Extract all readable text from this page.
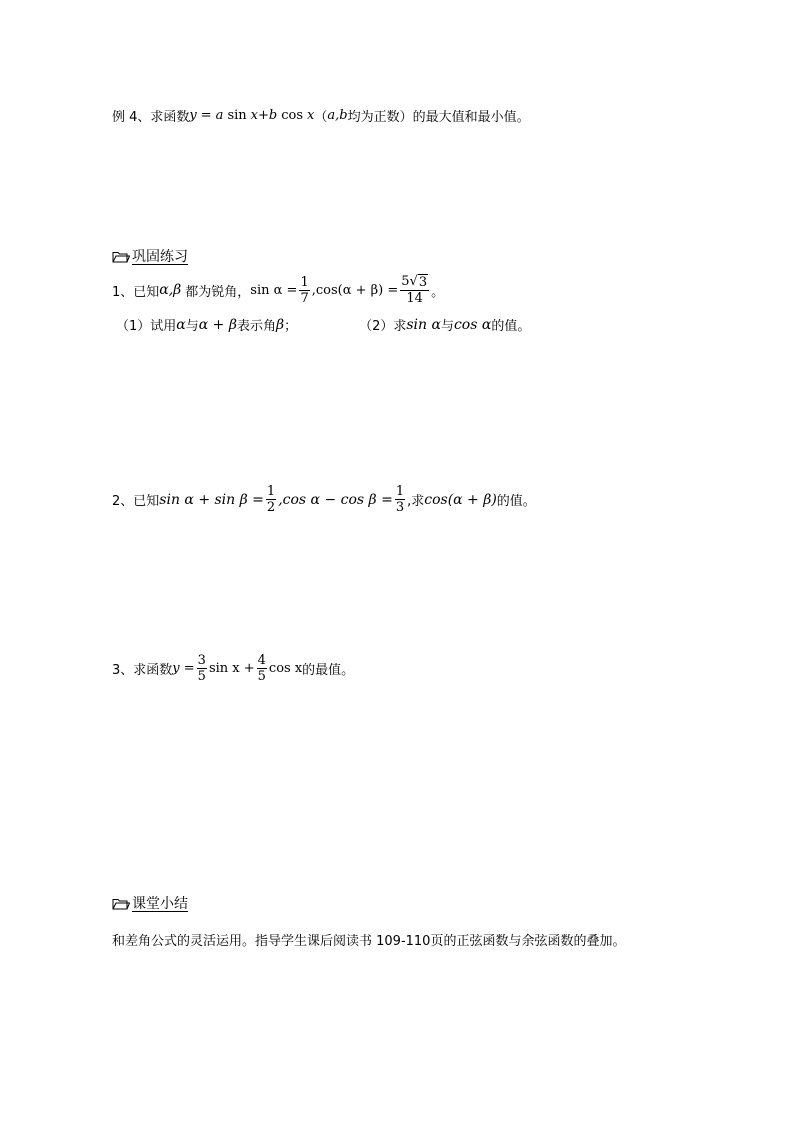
例 4、求函数 y = a sin x + b cos x （ a,b 均为正数）的最大值和最小值。
巩固练习
1、已知 α,β 都为锐角， $\sin \alpha = \frac{1}{7} ,\cos(\alpha + \beta) = \frac{5 √ 3}{14}$ 。
（1）试用 α 与 α + β 表示角 β ；	（2）求 sin α 与 cos α 的值。
2、已知 $\sin \alpha + \sin \beta = \frac{1}{2} ,\cos$ $\alpha - \cos \beta = \frac{1}{3}$ ,求 cos(α + β) 的值。
3、求函数 $y = \frac{3}{5}$ $\sin x + \frac{4}{5}$ cos x 的最值。
课堂小结
和差角公式的灵活运用。指导学生课后阅读书 109-110页的正弦函数与余弦函数的叠加。
